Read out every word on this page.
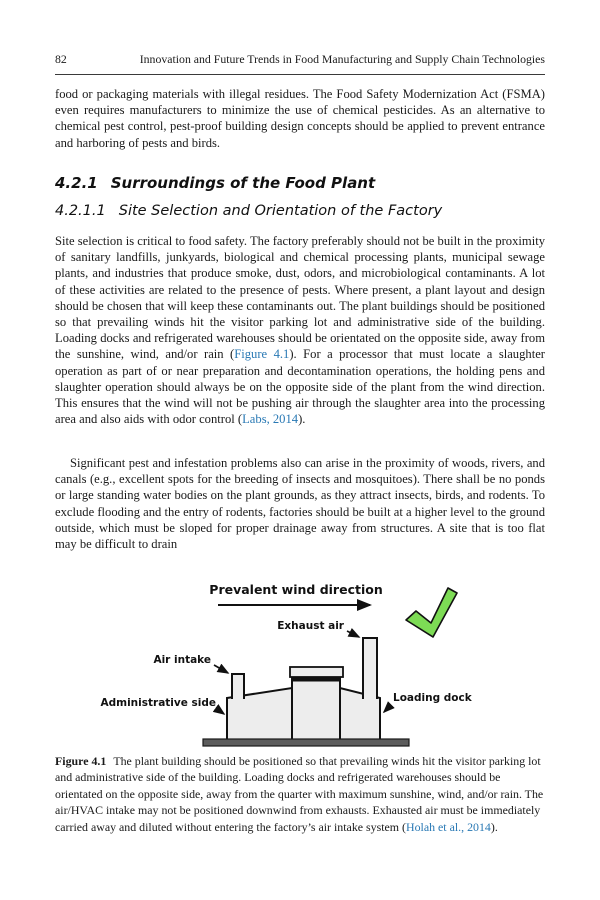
82	Innovation and Future Trends in Food Manufacturing and Supply Chain Technologies

food or packaging materials with illegal residues. The Food Safety Modernization Act (FSMA) even requires manufacturers to minimize the use of chemical pesticides. As an alternative to chemical pest control, pest-proof building design concepts should be applied to prevent entrance and harboring of pests and birds.

4.2.1 Surroundings of the Food Plant
4.2.1.1 Site Selection and Orientation of the Factory

Site selection is critical to food safety. The factory preferably should not be built in the proximity of sanitary landfills, junkyards, biological and chemical processing plants, municipal sewage plants, and industries that produce smoke, dust, odors, and microbiological contaminants. A lot of these activities are related to the presence of pests. Where present, a plant layout and design should be chosen that will keep these contaminants out. The plant buildings should be positioned so that prevailing winds hit the visitor parking lot and administrative side of the building. Loading docks and refrigerated warehouses should be orientated on the opposite side, away from the sunshine, wind, and/or rain (Figure 4.1). For a processor that must locate a slaughter operation as part of or near preparation and decontamination operations, the holding pens and slaughter operation should always be on the opposite side of the plant from the wind direction. This ensures that the wind will not be pushing air through the slaughter area into the processing area and also aids with odor control (Labs, 2014).

Significant pest and infestation problems also can arise in the proximity of woods, rivers, and canals (e.g., excellent spots for the breeding of insects and mosquitoes). There shall be no ponds or large standing water bodies on the plant grounds, as they attract insects, birds, and rodents. To exclude flooding and the entry of rodents, factories should be built at a higher level to the ground outside, which must be sloped for proper drainage away from structures. A site that is too flat may be difficult to drain

Prevalent wind direction
Exhaust air
Air intake
Administrative side	Loading dock

Figure 4.1 The plant building should be positioned so that prevailing winds hit the visitor parking lot and administrative side of the building. Loading docks and refrigerated warehouses should be orientated on the opposite side, away from the quarter with maximum sunshine, wind, and/or rain. The air/HVAC intake may not be positioned downwind from exhausts. Exhausted air must be immediately carried away and diluted without entering the factory’s air intake system (Holah et al., 2014).
